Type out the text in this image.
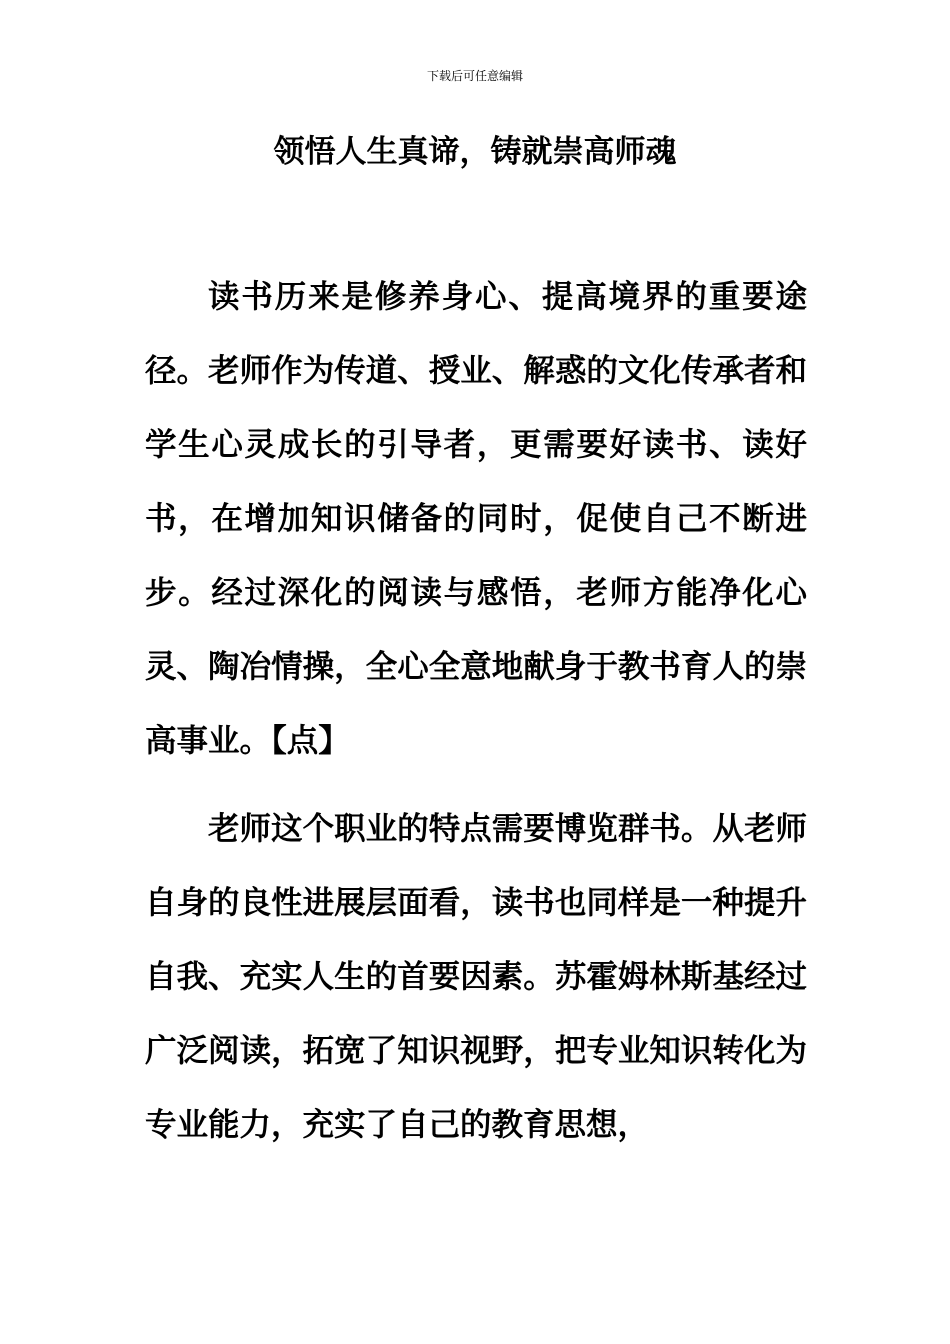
下载后可任意编辑
领悟人生真谛，铸就崇高师魂

读书历来是修养身心、提高境界的重要途径。老师作为传道、授业、解惑的文化传承者和学生心灵成长的引导者，更需要好读书、读好书，在增加知识储备的同时，促使自己不断进步。经过深化的阅读与感悟，老师方能净化心灵、陶冶情操，全心全意地献身于教书育人的崇高事业。【点】

老师这个职业的特点需要博览群书。从老师自身的良性进展层面看，读书也同样是一种提升自我、充实人生的首要因素。苏霍姆林斯基经过广泛阅读，拓宽了知识视野，把专业知识转化为专业能力，充实了自己的教育思想，
